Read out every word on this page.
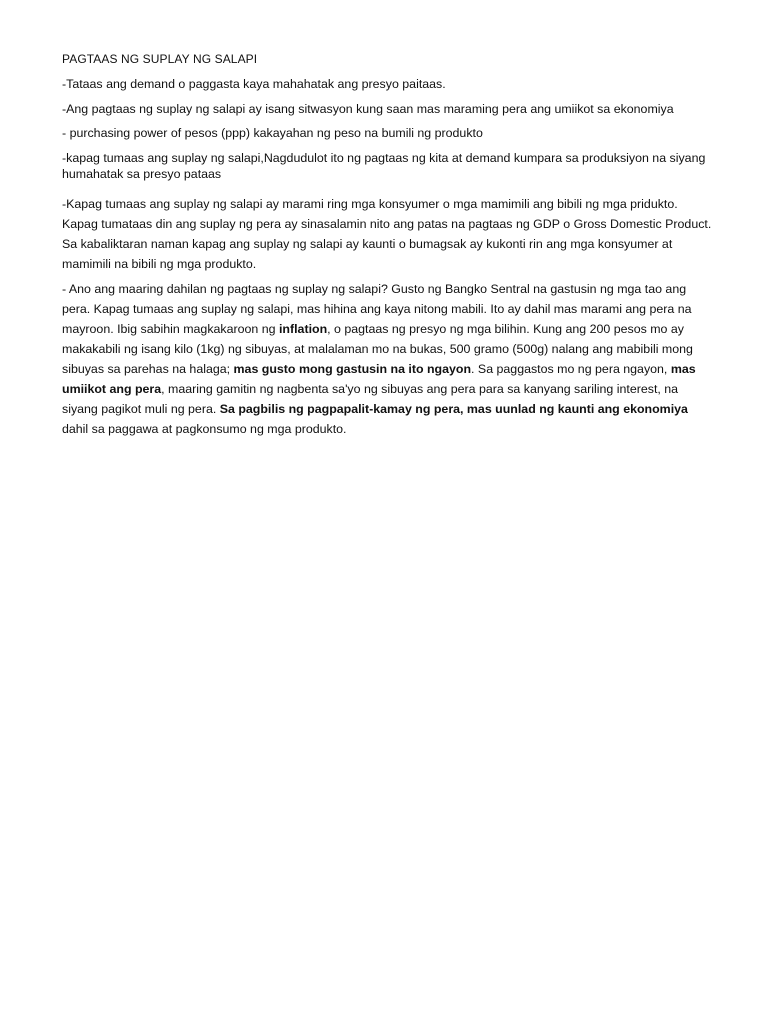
PAGTAAS NG SUPLAY NG SALAPI

-Tataas ang demand o paggasta kaya mahahatak ang presyo paitaas.

-Ang pagtaas ng suplay ng salapi ay isang sitwasyon kung saan mas maraming pera ang umiikot sa ekonomiya

- purchasing power of pesos (ppp) kakayahan ng peso na bumili ng produkto

-kapag tumaas ang suplay ng salapi,Nagdudulot ito ng pagtaas ng kita at demand kumpara sa produksiyon na siyang humahatak sa presyo pataas

-Kapag tumaas ang suplay ng salapi ay marami ring mga konsyumer o mga mamimili ang bibili ng mga pridukto. Kapag tumataas din ang suplay ng pera ay sinasalamin nito ang patas na pagtaas ng GDP o Gross Domestic Product. Sa kabaliktaran naman kapag ang suplay ng salapi ay kaunti o bumagsak ay kukonti rin ang mga konsyumer at mamimili na bibili ng mga produkto.

- Ano ang maaring dahilan ng pagtaas ng suplay ng salapi? Gusto ng Bangko Sentral na gastusin ng mga tao ang pera. Kapag tumaas ang suplay ng salapi, mas hihina ang kaya nitong mabili. Ito ay dahil mas marami ang pera na mayroon. Ibig sabihin magkakaroon ng inflation, o pagtaas ng presyo ng mga bilihin. Kung ang 200 pesos mo ay makakabili ng isang kilo (1kg) ng sibuyas, at malalaman mo na bukas, 500 gramo (500g) nalang ang mabibili mong sibuyas sa parehas na halaga; mas gusto mong gastusin na ito ngayon. Sa paggastos mo ng pera ngayon, mas umiikot ang pera, maaring gamitin ng nagbenta sa'yo ng sibuyas ang pera para sa kanyang sariling interest, na siyang pagikot muli ng pera. Sa pagbilis ng pagpapalit-kamay ng pera, mas uunlad ng kaunti ang ekonomiya dahil sa paggawa at pagkonsumo ng mga produkto.
